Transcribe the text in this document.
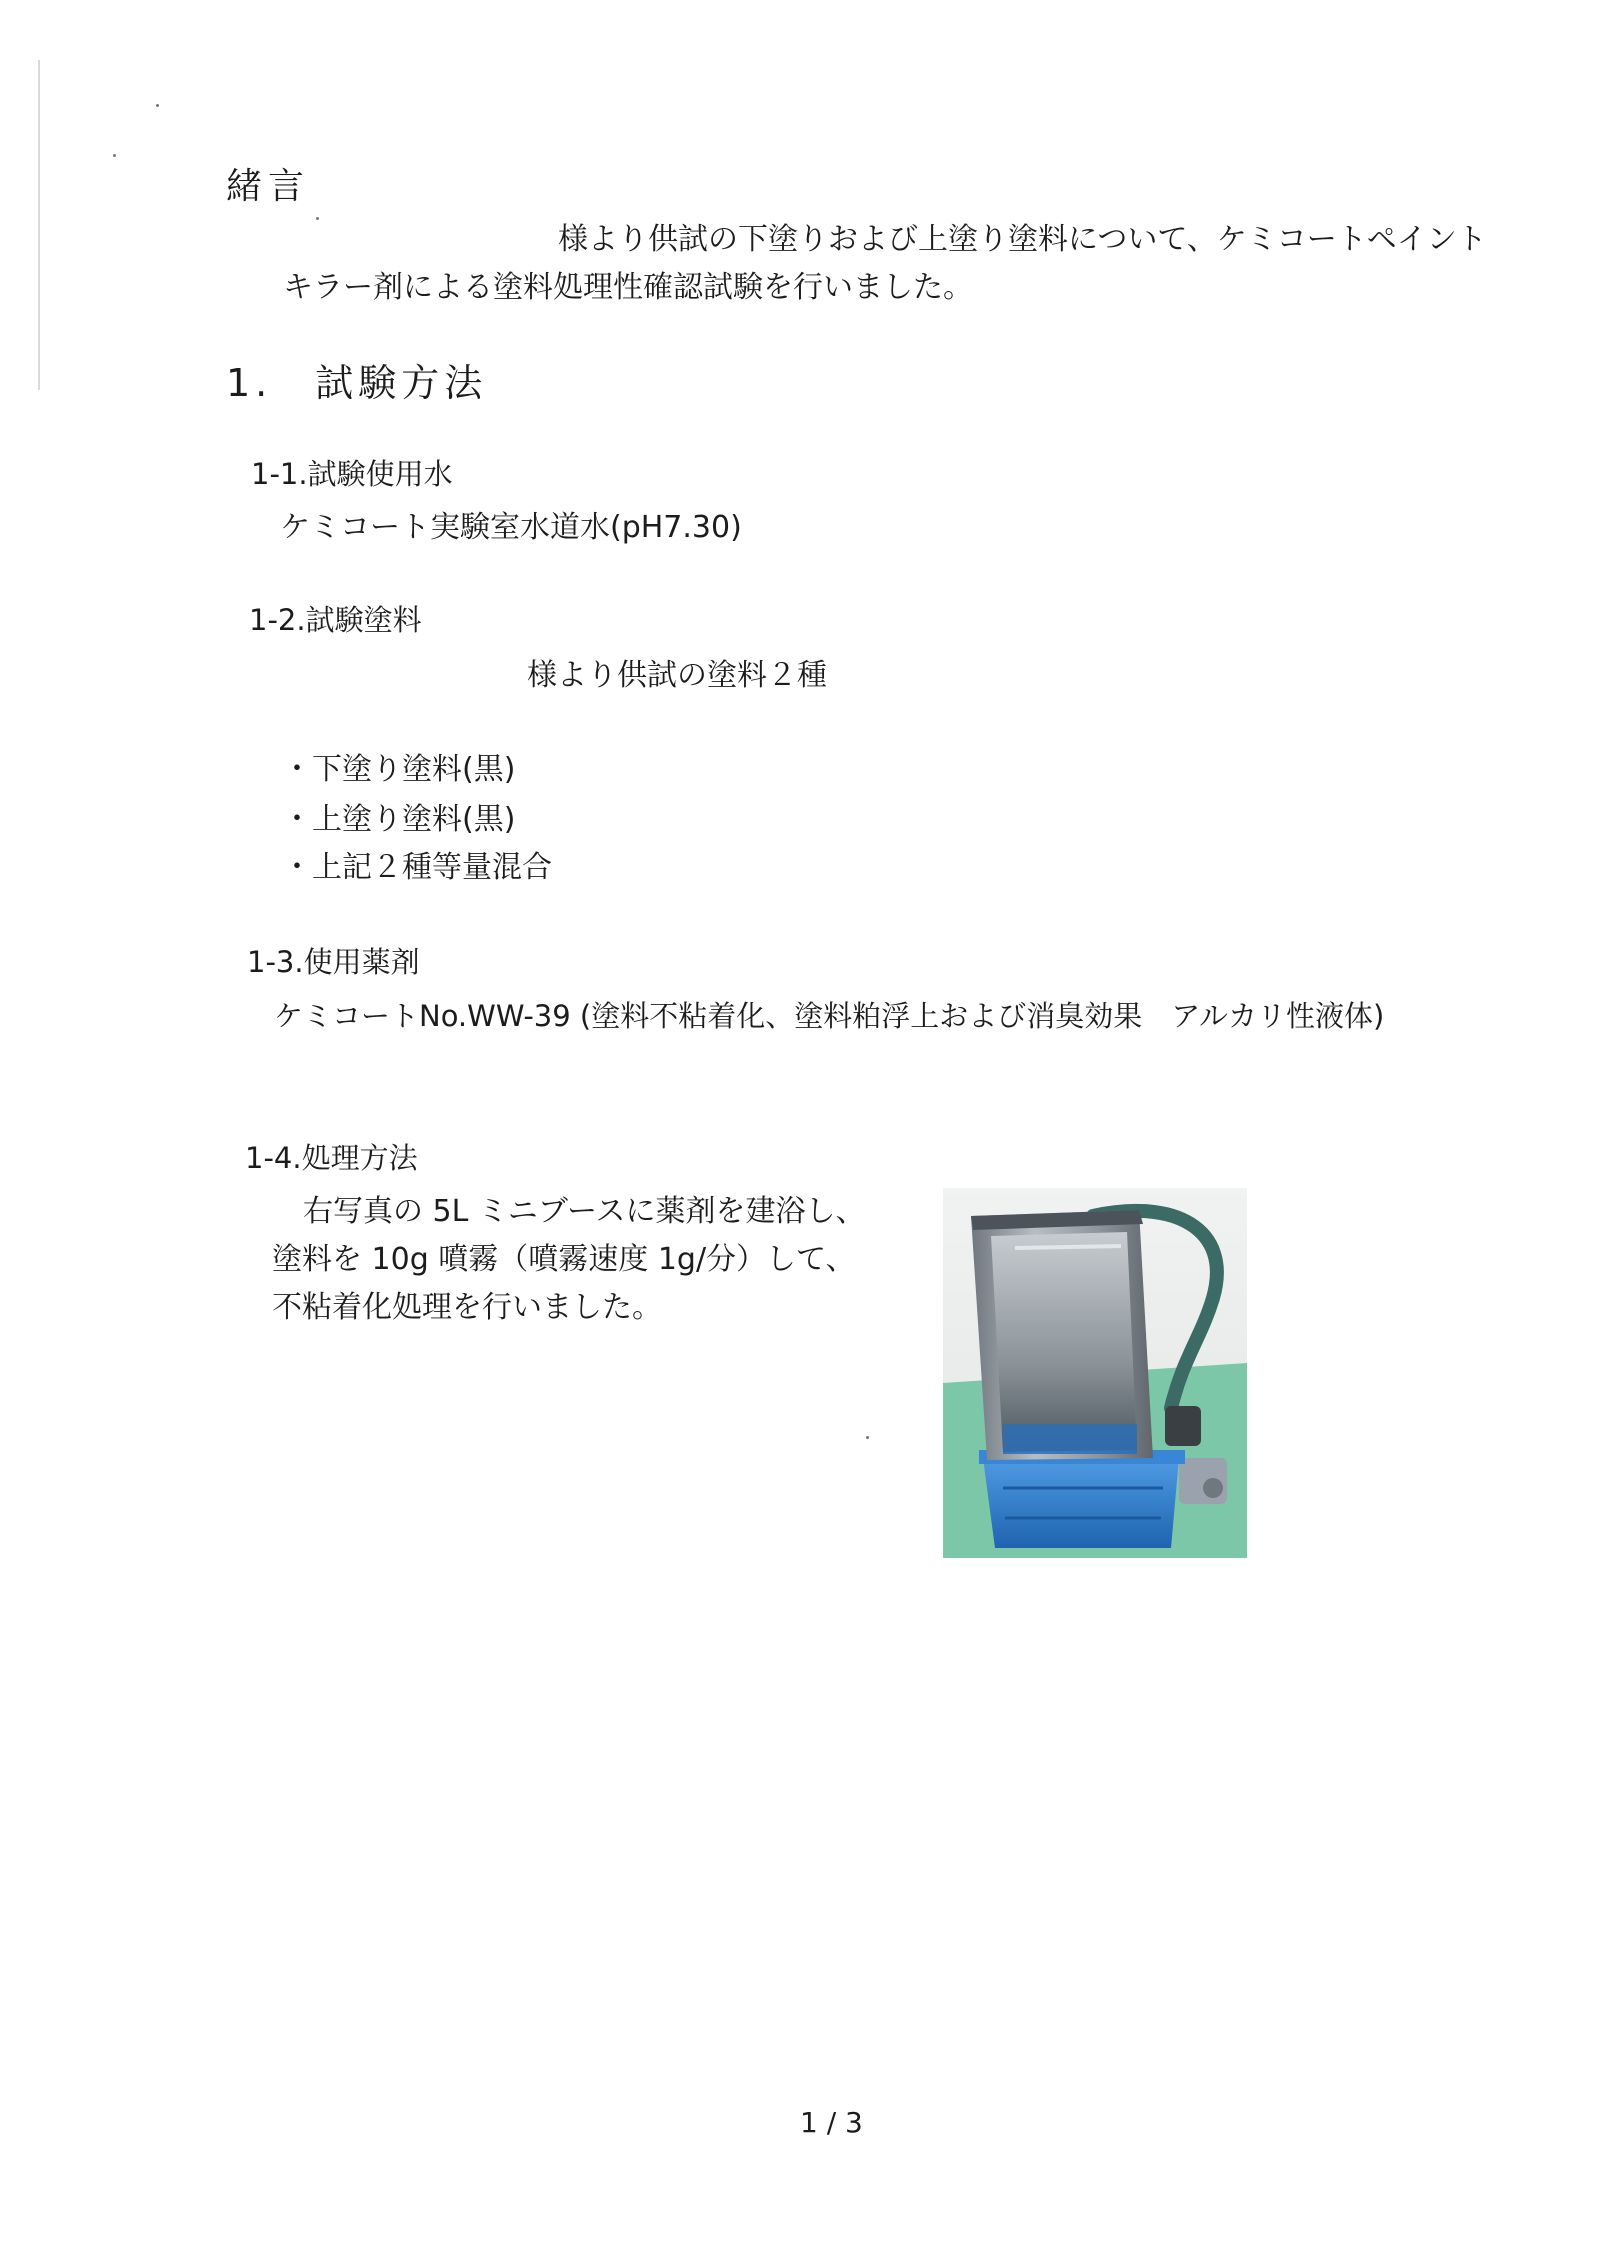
緒言
様より供試の下塗りおよび上塗り塗料について、ケミコートペイント
キラー剤による塗料処理性確認試験を行いました。
1.　試験方法
1-1.試験使用水
ケミコート実験室水道水(pH7.30)
1-2.試験塗料
様より供試の塗料２種
・下塗り塗料(黒)
・上塗り塗料(黒)
・上記２種等量混合
1-3.使用薬剤
ケミコートNo.WW-39 (塗料不粘着化、塗料粕浮上および消臭効果　アルカリ性液体)
1-4.処理方法
右写真の 5L ミニブースに薬剤を建浴し、
塗料を 10g 噴霧（噴霧速度 1g/分）して、
不粘着化処理を行いました。
1 / 3
